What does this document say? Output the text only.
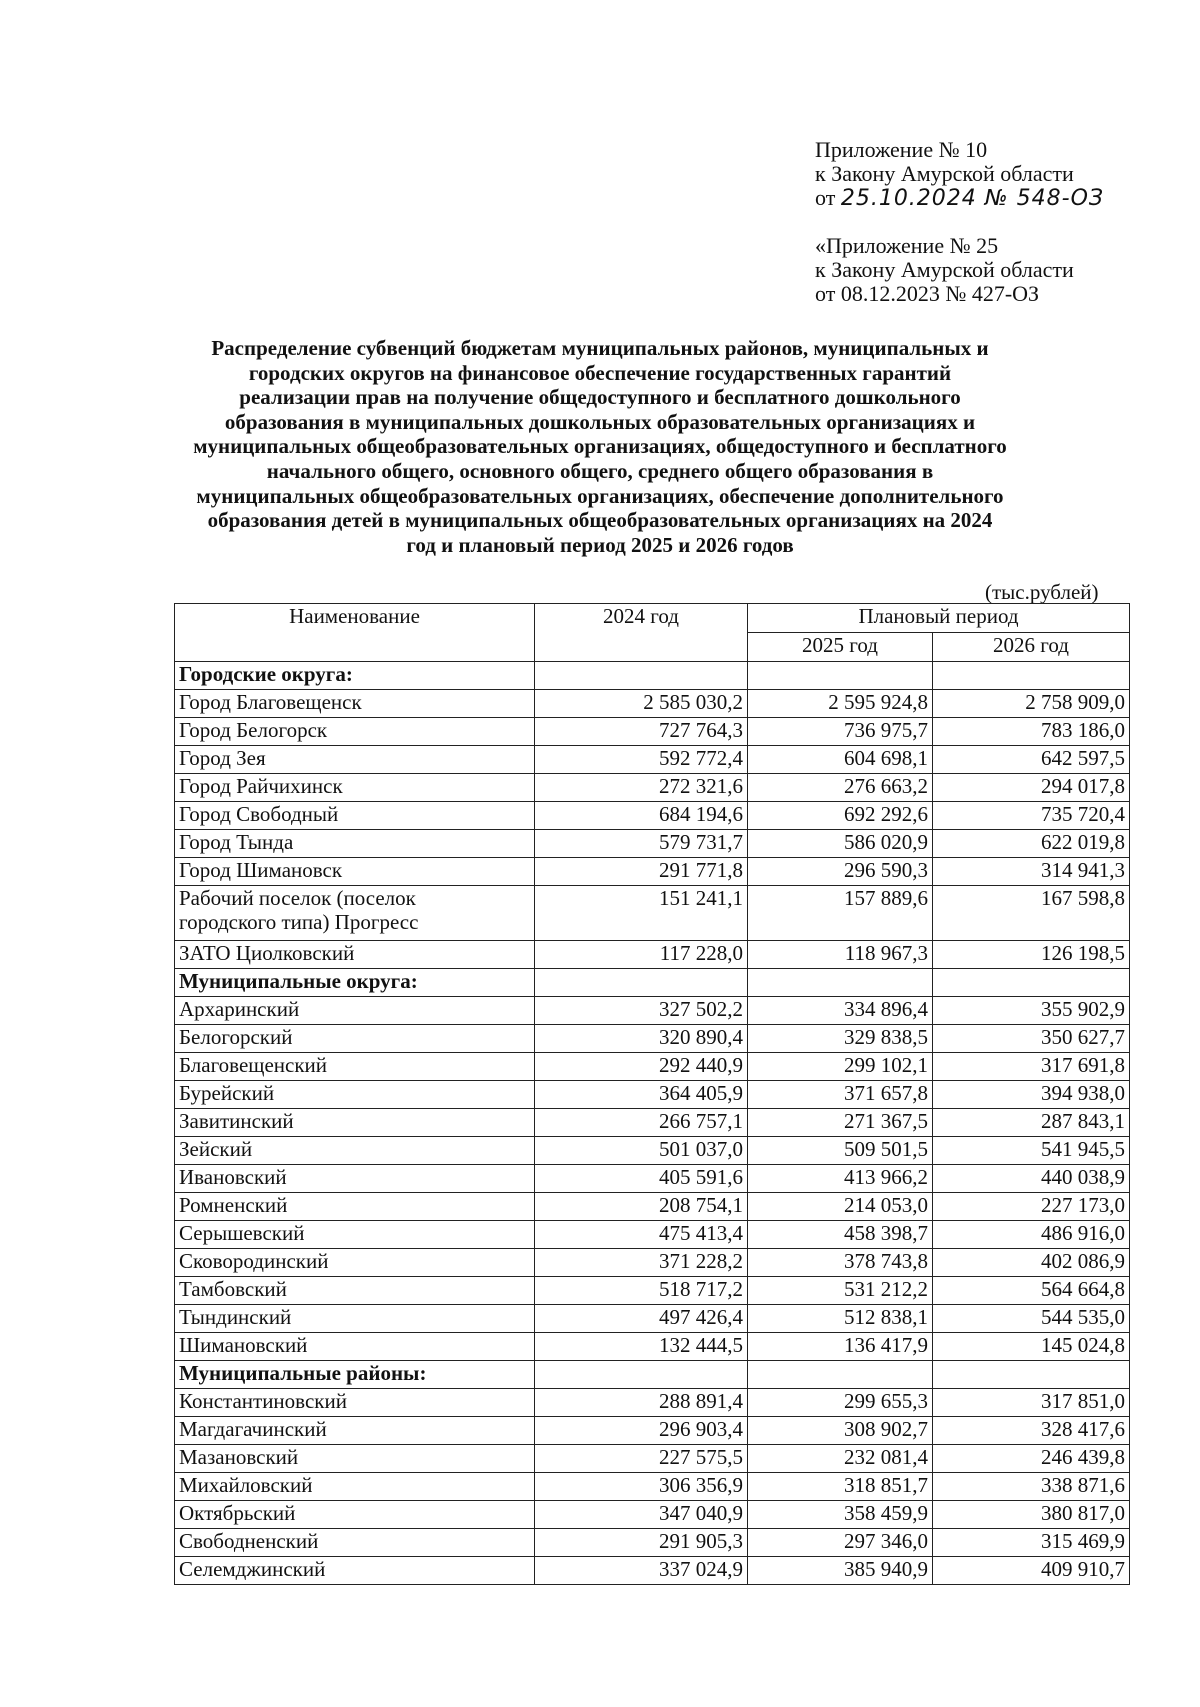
Приложение № 10
к Закону Амурской области
от 25.10.2024 № 548-ОЗ
«Приложение № 25
к Закону Амурской области
от 08.12.2023 № 427-ОЗ
Распределение субвенций бюджетам муниципальных районов, муниципальных и
городских округов на финансовое обеспечение государственных гарантий
реализации прав на получение общедоступного и бесплатного дошкольного
образования в муниципальных дошкольных образовательных организациях и
муниципальных общеобразовательных организациях, общедоступного и бесплатного
начального общего, основного общего, среднего общего образования в
муниципальных общеобразовательных организациях, обеспечение дополнительного
образования детей в муниципальных общеобразовательных организациях на 2024
год и плановый период 2025 и 2026 годов
(тыс.рублей)
Наименование	2024 год	Плановый период	
		2025 год	2026 год
Городские округа:			
Город Благовещенск	2 585 030,2	2 595 924,8	2 758 909,0
Город Белогорск	727 764,3	736 975,7	783 186,0
Город Зея	592 772,4	604 698,1	642 597,5
Город Райчихинск	272 321,6	276 663,2	294 017,8
Город Свободный	684 194,6	692 292,6	735 720,4
Город Тында	579 731,7	586 020,9	622 019,8
Город Шимановск	291 771,8	296 590,3	314 941,3

Рабочий поселок (поселок
городского типа) Прогресс	151 241,1	157 889,6	167 598,8
ЗАТО Циолковский	117 228,0	118 967,3	126 198,5
Муниципальные округа:			
Архаринский	327 502,2	334 896,4	355 902,9
Белогорский	320 890,4	329 838,5	350 627,7
Благовещенский	292 440,9	299 102,1	317 691,8
Бурейский	364 405,9	371 657,8	394 938,0
Завитинский	266 757,1	271 367,5	287 843,1
Зейский	501 037,0	509 501,5	541 945,5
Ивановский	405 591,6	413 966,2	440 038,9
Ромненский	208 754,1	214 053,0	227 173,0
Серышевский	475 413,4	458 398,7	486 916,0
Сковородинский	371 228,2	378 743,8	402 086,9
Тамбовский	518 717,2	531 212,2	564 664,8
Тындинский	497 426,4	512 838,1	544 535,0
Шимановский	132 444,5	136 417,9	145 024,8
Муниципальные районы:			
Константиновский	288 891,4	299 655,3	317 851,0
Магдагачинский	296 903,4	308 902,7	328 417,6
Мазановский	227 575,5	232 081,4	246 439,8
Михайловский	306 356,9	318 851,7	338 871,6
Октябрьский	347 040,9	358 459,9	380 817,0
Свободненский	291 905,3	297 346,0	315 469,9
Селемджинский	337 024,9	385 940,9	409 910,7
